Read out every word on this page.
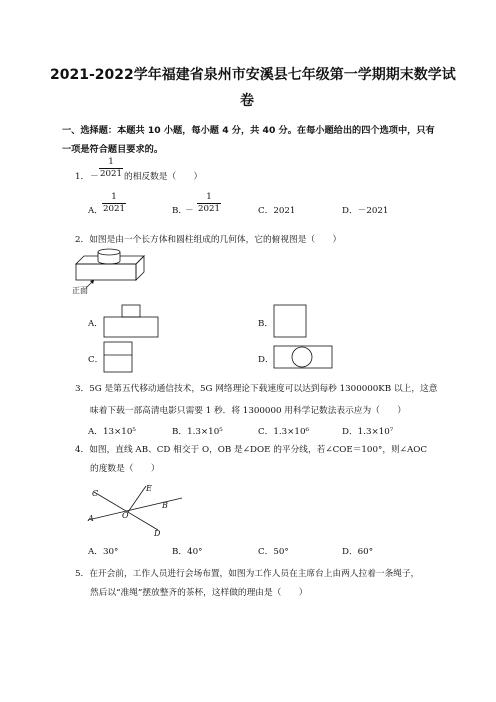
2021-2022学年福建省泉州市安溪县七年级第一学期期末数学试
卷
一、选择题：本题共 10 小题，每小题 4 分，共 40 分。在每小题给出的四个选项中，只有
一项是符合题目要求的。
1． －
1
2021 的相反数是（　　）
A．
1
2021	B．
－
1
2021	C．2021	D．－2021
2．如图是由一个长方体和圆柱组成的几何体，它的俯视图是（　　）
正面
A．	B．
C．	D．
3．5G 是第五代移动通信技术，5G 网络理论下载速度可以达到每秒 1300000KB 以上，这意
味着下载一部高清电影只需要 1 秒．将 1300000 用科学记数法表示应为（　　）
A．13×10⁵	B．1.3×10⁵	C．1.3×10⁶	D．1.3×10⁷
4．如图，直线 AB、CD 相交于 O，OB 是∠DOE 的平分线，若∠COE＝100°，则∠AOC
的度数是（　　）
C
E
B
A	O
D
A．30°	B．40°	C．50°	D．60°
5．在开会前，工作人员进行会场布置，如图为工作人员在主席台上由两人拉着一条绳子，
然后以“准绳”摆放整齐的茶杯，这样做的理由是（　　）
